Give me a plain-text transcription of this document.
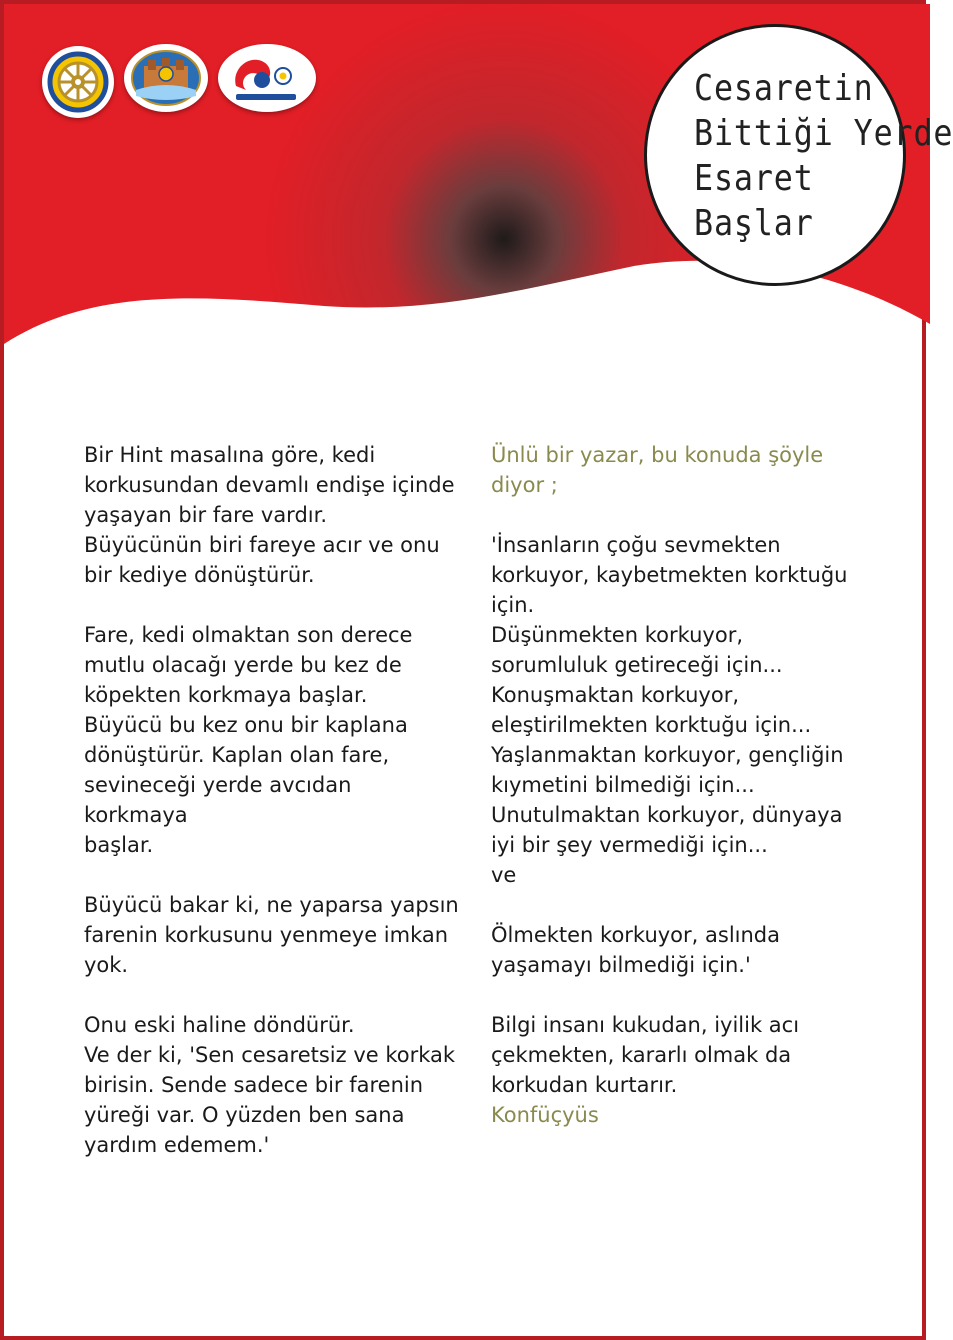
Cesaretin
Bittiği Yerde
Esaret
Başlar

Bir Hint masalına göre, kedi

korkusundan devamlı endişe içinde

yaşayan bir fare vardır.

Büyücünün biri fareye acır ve onu

bir kediye dönüştürür.

Fare, kedi olmaktan son derece

mutlu olacağı yerde bu kez de

köpekten korkmaya başlar.

Büyücü bu kez onu bir kaplana

dönüştürür. Kaplan olan fare,

sevineceği yerde avcıdan korkmaya

başlar.

Büyücü bakar ki, ne yaparsa yapsın

farenin korkusunu yenmeye imkan

yok.

Onu eski haline döndürür.

Ve der ki, 'Sen cesaretsiz ve korkak

birisin. Sende sadece bir farenin

yüreği var. O yüzden ben sana

yardım edemem.'

Ünlü bir yazar, bu konuda şöyle

diyor ;

'İnsanların çoğu sevmekten

korkuyor, kaybetmekten korktuğu

için.

Düşünmekten korkuyor,

sorumluluk getireceği için...

Konuşmaktan korkuyor,

eleştirilmekten korktuğu için...

Yaşlanmaktan korkuyor, gençliğin

kıymetini bilmediği için...

Unutulmaktan korkuyor, dünyaya

iyi bir şey vermediği için...

ve

Ölmekten korkuyor, aslında

yaşamayı bilmediği için.'

Bilgi insanı kukudan, iyilik acı

çekmekten, kararlı olmak da

korkudan kurtarır.

Konfüçyüs
